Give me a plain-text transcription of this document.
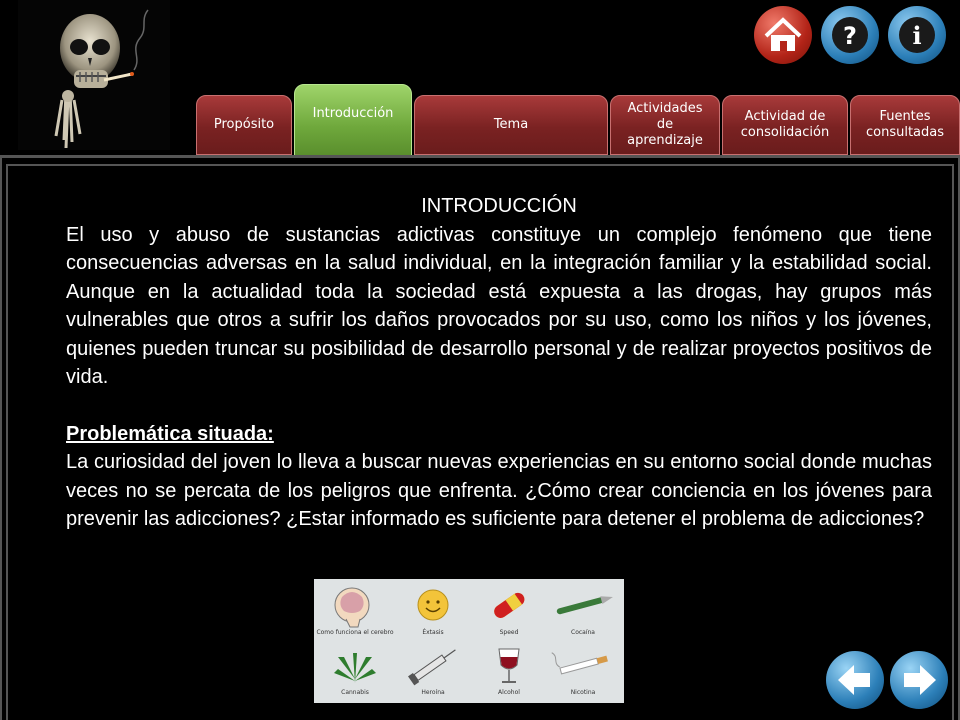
? i
Propósito
Introducción
Tema
Actividades de aprendizaje
Actividad de consolidación
Fuentes consultadas

INTRODUCCIÓN

El uso y abuso de sustancias adictivas constituye un complejo fenómeno que tiene consecuencias adversas en la salud individual, en la integración familiar y la estabilidad social. Aunque en la actualidad toda la sociedad está expuesta a las drogas, hay grupos más vulnerables que otros a sufrir los daños provocados por su uso, como los niños y los jóvenes, quienes pueden truncar su posibilidad de desarrollo personal y de realizar proyectos positivos de vida.

Problemática situada:

La curiosidad del joven lo lleva a buscar nuevas experiencias en su entorno social donde muchas veces no se percata de los peligros que enfrenta. ¿Cómo crear conciencia en los jóvenes para prevenir las adicciones? ¿Estar informado es suficiente para detener el problema de adicciones?

Como funciona el cerebro	Éxtasis	Speed	Cocaína
Cannabis	Heroína	Alcohol	Nicotina
